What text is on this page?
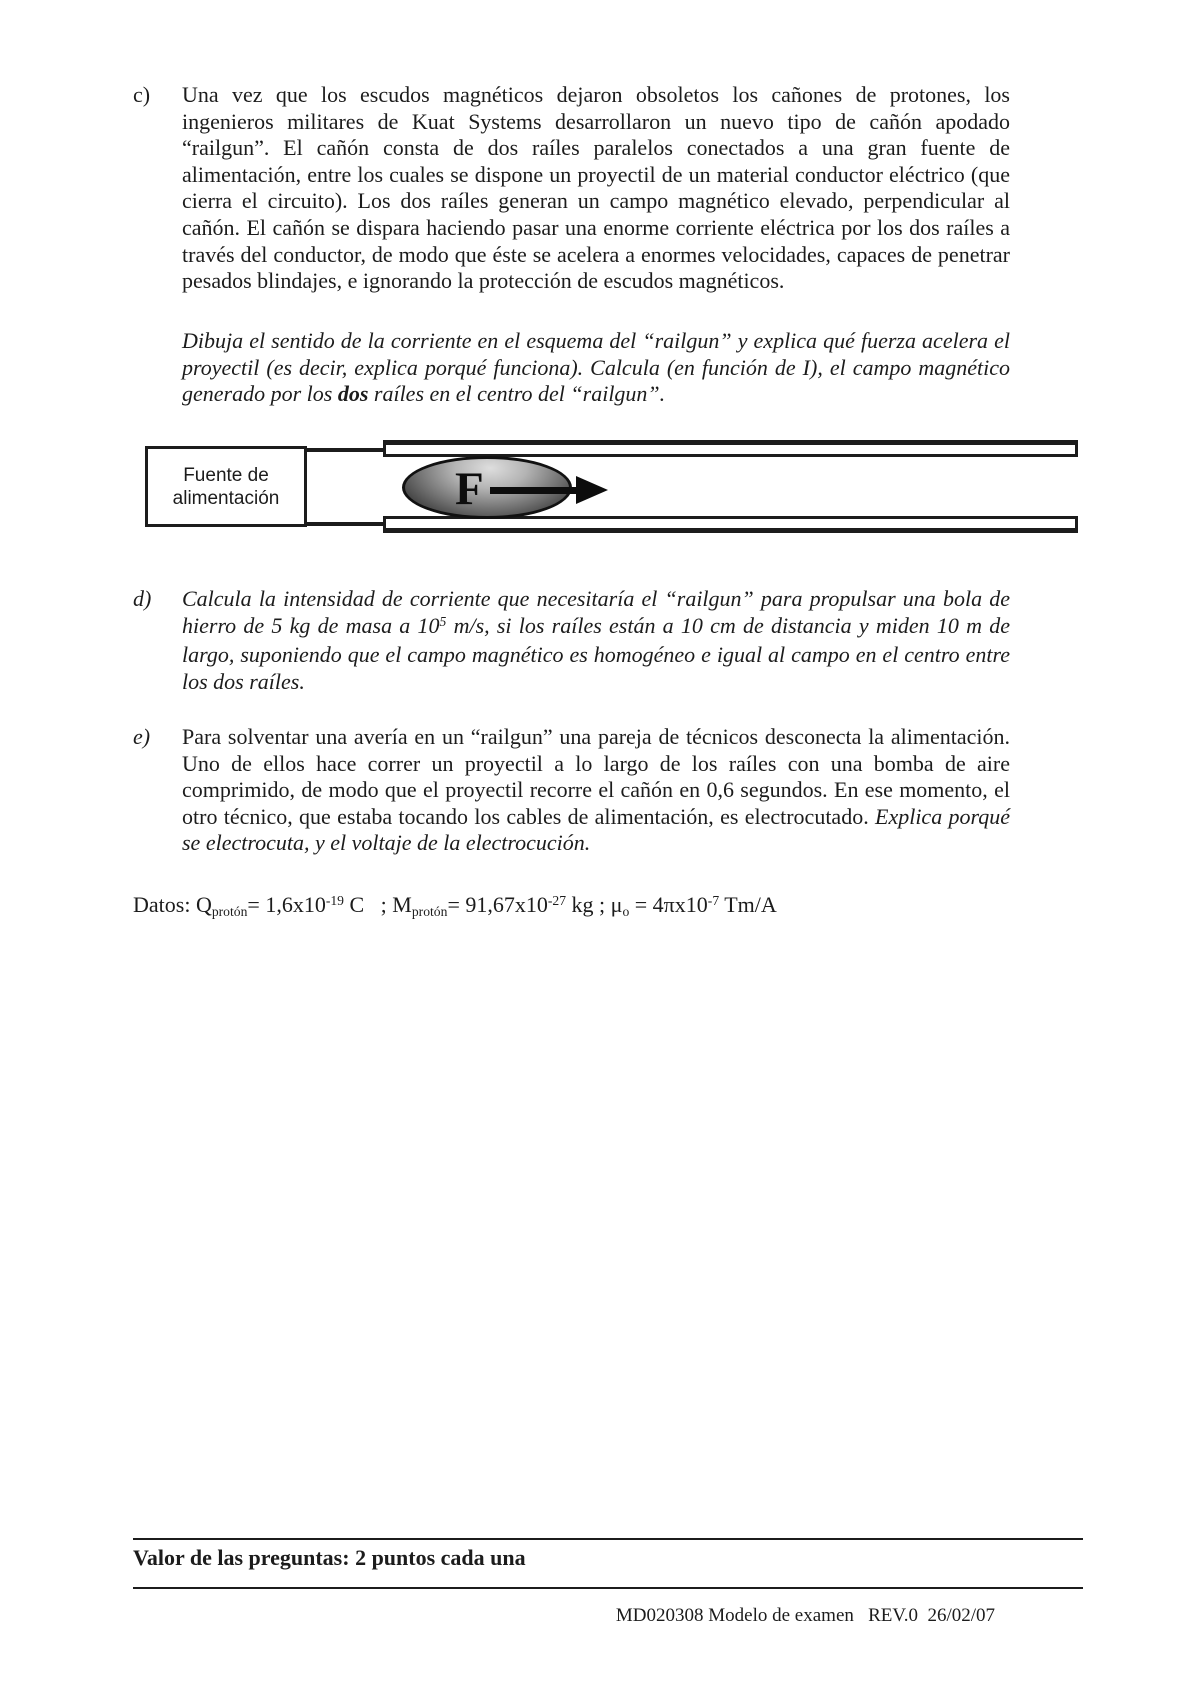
c)	Una vez que los escudos magnéticos dejaron obsoletos los cañones de protones, los ingenieros militares de Kuat Systems desarrollaron un nuevo tipo de cañón apodado “railgun”. El cañón consta de dos raíles paralelos conectados a una gran fuente de alimentación, entre los cuales se dispone un proyectil de un material conductor eléctrico (que cierra el circuito). Los dos raíles generan un campo magnético elevado, perpendicular al cañón. El cañón se dispara haciendo pasar una enorme corriente eléctrica por los dos raíles a través del conductor, de modo que éste se acelera a enormes velocidades, capaces de penetrar pesados blindajes, e ignorando la protección de escudos magnéticos.
Dibuja el sentido de la corriente en el esquema del “railgun” y explica qué fuerza acelera el proyectil (es decir, explica porqué funciona). Calcula (en función de I), el campo magnético generado por los dos raíles en el centro del “railgun”.
Fuente de
alimentación	F
d)	Calcula la intensidad de corriente que necesitaría el “railgun” para propulsar una bola de hierro de 5 kg de masa a $10^5$ m/s, si los raíles están a 10 cm de distancia y miden 10 m de largo, suponiendo que el campo magnético es homogéneo e igual al campo en el centro entre los dos raíles.
e)	Para solventar una avería en un “railgun” una pareja de técnicos desconecta la alimentación. Uno de ellos hace correr un proyectil a lo largo de los raíles con una bomba de aire comprimido, de modo que el proyectil recorre el cañón en 0,6 segundos. En ese momento, el otro técnico, que estaba tocando los cables de alimentación, es electrocutado. Explica porqué se electrocuta, y el voltaje de la electrocución.
Datos: Qprotón= $1,6x10^{-19}$ C   ; Mprotón= $91,67x10^{-27}$ kg ; $\mu o = 4\pi x10^{-7}$ Tm/A
Valor de las preguntas: 2 puntos cada una
MD020308 Modelo de examen   REV.0  26/02/07
